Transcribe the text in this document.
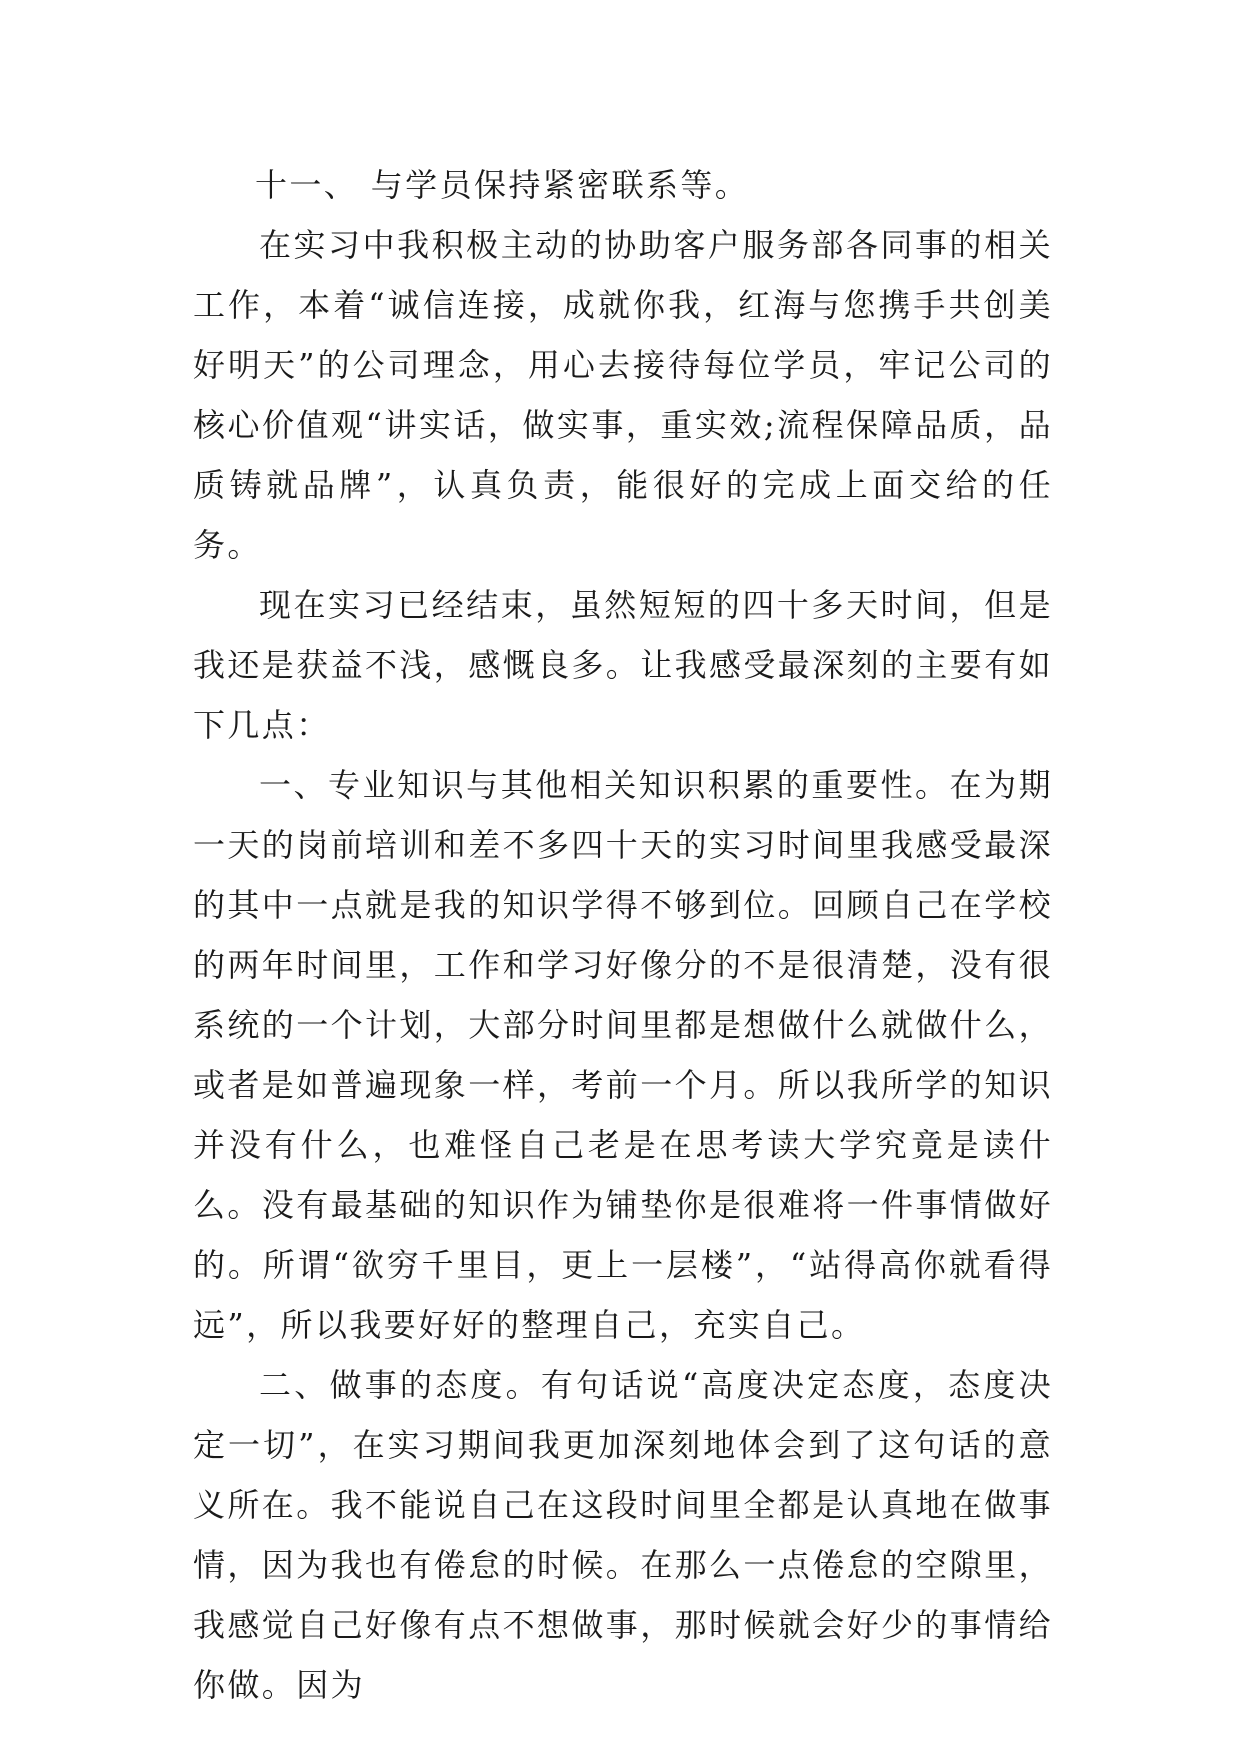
十一、 与学员保持紧密联系等。

在实习中我积极主动的协助客户服务部各同事的相关工作，本着“诚信连接，成就你我，红海与您携手共创美好明天”的公司理念，用心去接待每位学员，牢记公司的核心价值观“讲实话，做实事，重实效;流程保障品质，品质铸就品牌”，认真负责，能很好的完成上面交给的任务。

现在实习已经结束，虽然短短的四十多天时间，但是我还是获益不浅，感慨良多。让我感受最深刻的主要有如下几点：

一、专业知识与其他相关知识积累的重要性。在为期一天的岗前培训和差不多四十天的实习时间里我感受最深的其中一点就是我的知识学得不够到位。回顾自己在学校的两年时间里，工作和学习好像分的不是很清楚，没有很系统的一个计划，大部分时间里都是想做什么就做什么，或者是如普遍现象一样，考前一个月。所以我所学的知识并没有什么，也难怪自己老是在思考读大学究竟是读什么。没有最基础的知识作为铺垫你是很难将一件事情做好的。所谓“欲穷千里目，更上一层楼”，“站得高你就看得远”，所以我要好好的整理自己，充实自己。

二、做事的态度。有句话说“高度决定态度，态度决定一切”，在实习期间我更加深刻地体会到了这句话的意义所在。我不能说自己在这段时间里全都是认真地在做事情，因为我也有倦怠的时候。在那么一点倦怠的空隙里，我感觉自己好像有点不想做事，那时候就会好少的事情给你做。因为
